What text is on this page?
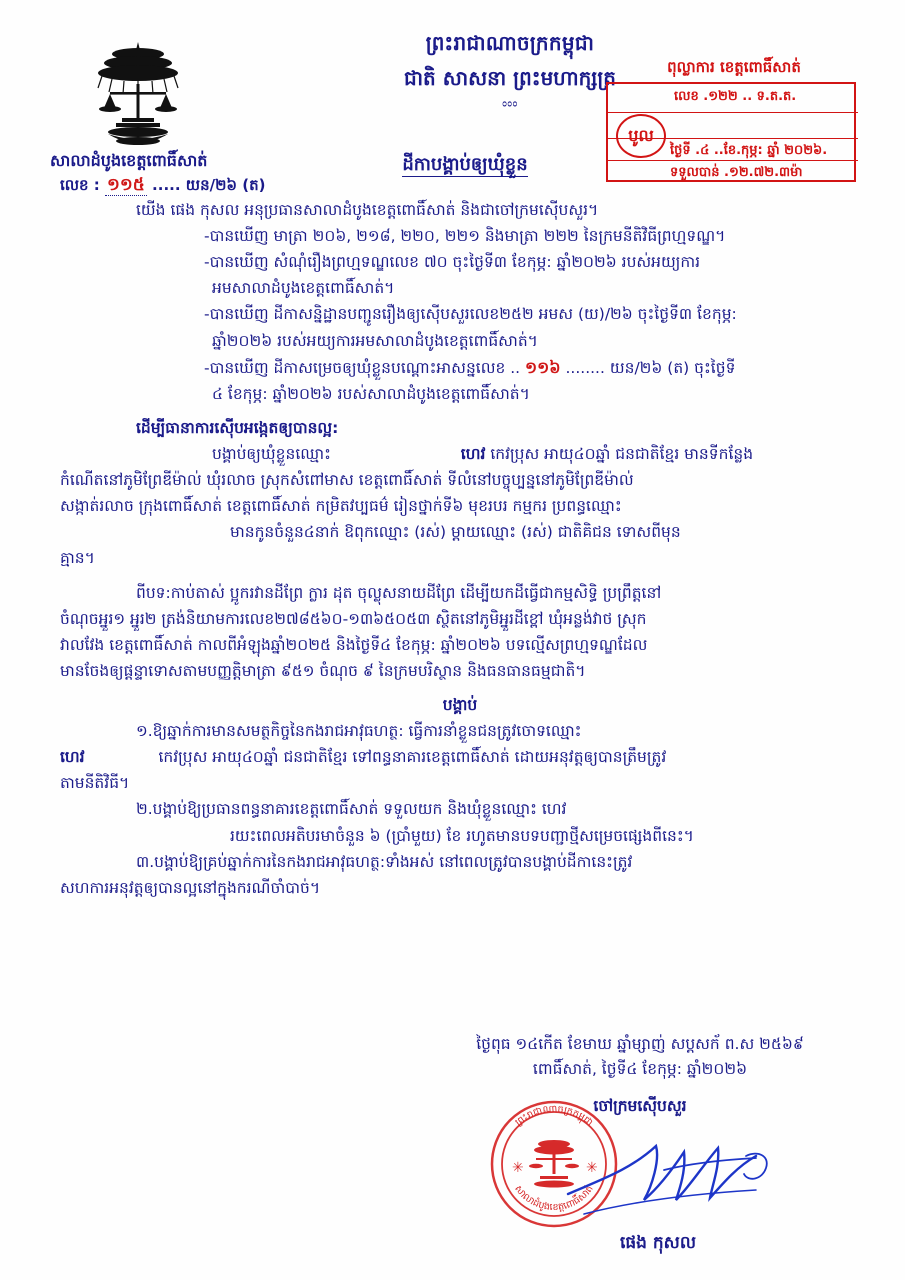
ព្រះរាជាណាចក្រកម្ពុជា
ជាតិ សាសនា ព្រះមហាក្សត្រ
᭜᭜᭜
សាលាដំបូងខេត្តពោធិ៍សាត់
លេខ : ១១៥ ..... យន/២៦ (ត)
ពុល្លាការ ខេត្តពោធិ៍សាត់
បូល
លេខ .១២២ .. ទ.ត.ត.
ថ្ងៃទី .៤ ..ខែ.កុម្ភ: ឆ្នាំ ២០២៦.
ទទួលបាន់ .១២.៧២.៣ម៉ា
ដីកាបង្គាប់ឲ្យឃុំខ្លួន

យើង ផេង កុសល អនុប្រធានសាលាដំបូងខេត្តពោធិ៍សាត់ និងជាចៅក្រមស៊ើបសួរ។

-បានឃើញ មាត្រា ២០៦, ២១៨, ២២០, ២២១ និងមាត្រា ២២២ នៃក្រមនីតិវិធីព្រហ្មទណ្ឌ។

-បានឃើញ សំណុំរឿងព្រហ្មទណ្ឌលេខ ៧០ ចុះថ្ងៃទី៣ ខែកុម្ភ: ឆ្នាំ២០២៦ របស់អយ្យការ

អមសាលាដំបូងខេត្តពោធិ៍សាត់។

-បានឃើញ ដីកាសន្និដ្ឋានបញ្ជូនរឿងឲ្យស៊ើបសួរលេខ២៥២ អមស (យ)/២៦ ចុះថ្ងៃទី៣ ខែកុម្ភ:

ឆ្នាំ២០២៦ របស់អយ្យការអមសាលាដំបូងខេត្តពោធិ៍សាត់។

-បានឃើញ ដីកាសម្រេចឲ្យឃុំខ្លួនបណ្តោះអាសន្នលេខ .. ១១៦ ........ យន/២៦ (ត) ចុះថ្ងៃទី

៤ ខែកុម្ភ: ឆ្នាំ២០២៦ របស់សាលាដំបូងខេត្តពោធិ៍សាត់។

ដើម្បីធានាការស៊ើបអង្កេតឲ្យបានល្អ:

បង្គាប់ឲ្យឃុំខ្លួនឈ្មោះ	ហេវ កេវប្រុស អាយុ៤០ឆ្នាំ ជនជាតិខ្មែរ មានទីកន្លែង

កំណើតនៅភូមិព្រែឌីម៉ាល់ ឃុំរលាច ស្រុកសំពៅមាស ខេត្តពោធិ៍សាត់ ទីលំនៅបច្ចុប្បន្ននៅភូមិព្រែឌីម៉ាល់

សង្កាត់រលាច ក្រុងពោធិ៍សាត់ ខេត្តពោធិ៍សាត់ កម្រិតវប្បធម៌ រៀនថ្នាក់ទី៦ មុខរបរ កម្មករ ប្រពន្ធឈ្មោះ

មានកូនចំនួន៤នាក់ ឱពុកឈ្មោះ (រស់) ម្តាយឈ្មោះ (រស់) ជាតិគិជន ទោសពីមុន

គ្មាន។

ពីបទ:កាប់តាស់ ប្អូករវានដីព្រែ ក្លារ ដុត ចុល្លុសនាយដីព្រែ ដើម្បីយកដីធ្វើជាកម្មសិទ្ធិ ប្រព្រឹត្តនៅ

ចំណុចអ្នួរ១ អ្នួរ២ ត្រង់និយាមការលេខ២៧៨៥៦០-១៣៦៥០៥៣ ស្ថិតនៅភូមិអ្នួរដីខ្ពៅ ឃុំអន្លង់វាថ ស្រុក

វាលវែង ខេត្តពោធិ៍សាត់ កាលពីអំឡុងឆ្នាំ២០២៥ និងថ្ងៃទី៤ ខែកុម្ភ: ឆ្នាំ២០២៦ បទល្មើសព្រហ្មទណ្ឌដែល

មានចែងឲ្យផ្តន្ទាទោសតាមបញ្ញត្តិមាត្រា ៩៥១ ចំណុច ៩ នៃក្រមបរិស្ថាន និងធនធានធម្មជាតិ។

បង្គាប់

១.ឱ្យឆ្នាក់ការមានសមត្ថកិច្ចនៃកងរាជអាវុធហត្ថ: ធ្វើការនាំខ្លួនជនត្រូវចោទឈ្មោះ

ហេវ	កេវប្រុស អាយុ៤០ឆ្នាំ ជនជាតិខ្មែរ ទៅពន្ធនាគារខេត្តពោធិ៍សាត់ ដោយអនុវត្តឲ្យបានត្រឹមត្រូវ

តាមនីតិវិធី។

២.បង្គាប់ឱ្យប្រធានពន្ធនាគារខេត្តពោធិ៍សាត់ ទទួលយក និងឃុំខ្លួនឈ្មោះ ហេវ

រយះពេលអតិបរមាចំនួន ៦ (ប្រាំមួយ) ខែ រហូតមានបទបញ្ជាថ្មីសម្រេចផ្សេងពីនេះ។

៣.បង្គាប់ឱ្យគ្រប់ឆ្នាក់ការនៃកងរាជអាវុធហត្ថ:ទាំងអស់ នៅពេលត្រូវបានបង្គាប់ដីកានេះត្រូវ

សហការអនុវត្តឲ្យបានល្អនៅក្នុងករណីចាំបាច់។

ថ្ងៃពុធ ១៤កើត ខែមាឃ ឆ្នាំម្សាញ់ សប្តសក័ ព.ស ២៥៦៩
ពោធិ៍សាត់, ថ្ងៃទី៤ ខែកុម្ភ: ឆ្នាំ២០២៦
ចៅក្រមស៊ើបសួរ
✳	✳
ព្រះរាជាណាចក្រកម្ពុជា
សាលាដំបូងខេត្តពោធិ៍សាត់
ផេង កុសល
